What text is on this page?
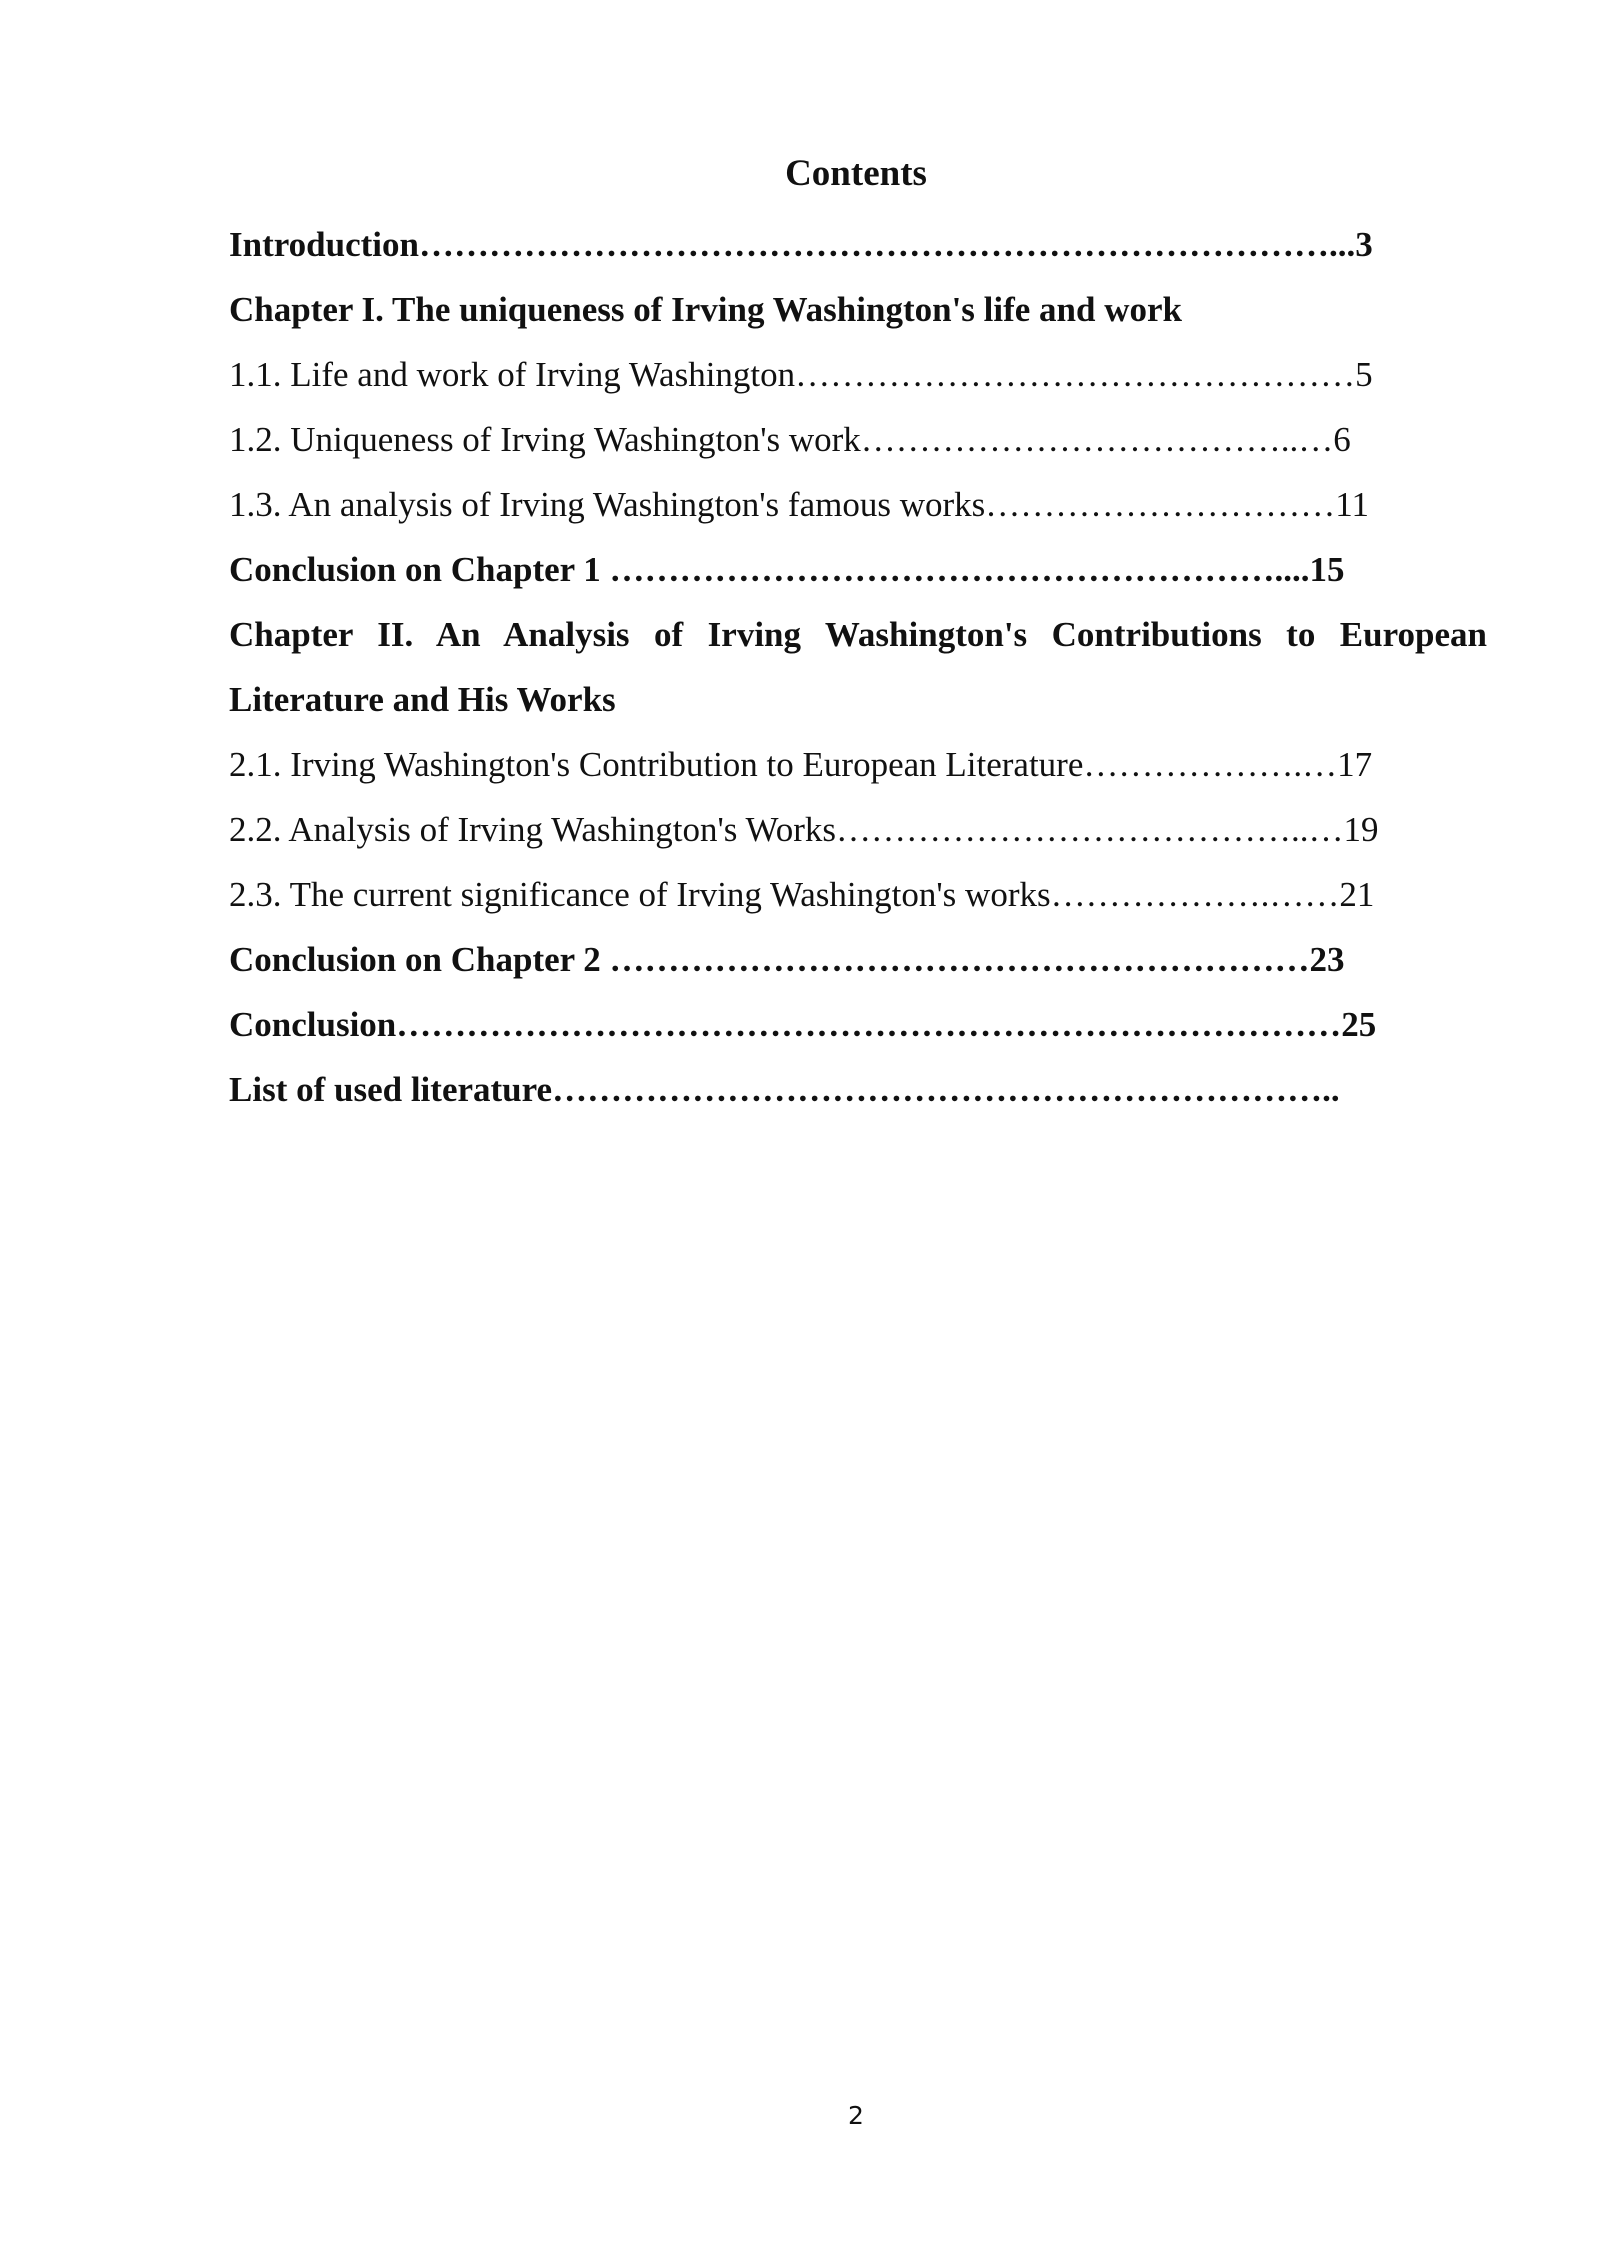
Contents
Introduction……………………………………………………………………...3
Chapter I. The uniqueness of Irving Washington's life and work
1.1. Life and work of Irving Washington…………………………………………5
1.2. Uniqueness of Irving Washington's work………………………………..…6
1.3. An analysis of Irving Washington's famous works…………………………11
Conclusion on Chapter 1 …………………………………………………....15
Chapter II. An Analysis of Irving Washington's Contributions to European Literature and His Works
2.1. Irving Washington's Contribution to European Literature……………….…17
2.2. Analysis of Irving Washington's Works…………………………………..…19
2.3. The current significance of Irving Washington's works……………….……21
Conclusion on Chapter 2 ……………………………………………………23
Conclusion………………………………………………………………………25
List of used literature…………………………………………………………..
2
